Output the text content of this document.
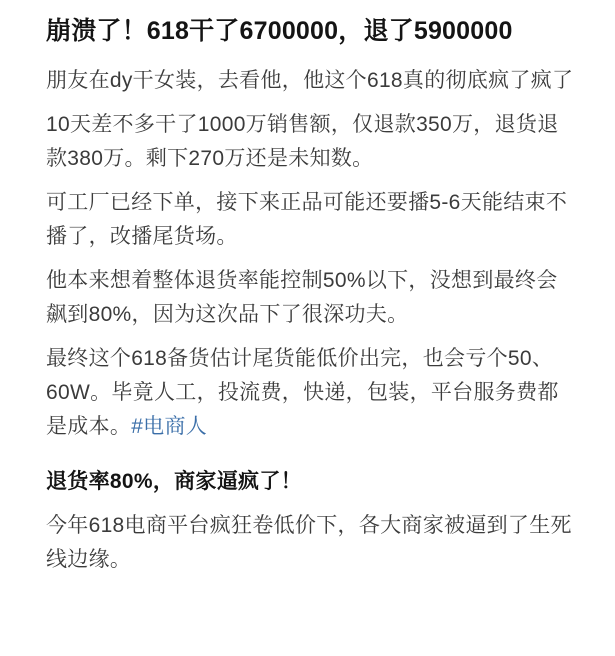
崩溃了！618干了6700000，退了5900000

朋友在dy干女装，去看他，他这个618真的彻底疯了疯了

10天差不多干了1000万销售额，仅退款350万，退货退款380万。剩下270万还是未知数。

可工厂已经下单，接下来正品可能还要播5-6天能结束不播了，改播尾货场。

他本来想着整体退货率能控制50%以下，没想到最终会飙到80%，因为这次品下了很深功夫。

最终这个618备货估计尾货能低价出完，也会亏个50、60W。毕竟人工，投流费，快递，包装，平台服务费都是成本。#电商人

退货率80%，商家逼疯了！

今年618电商平台疯狂卷低价下，各大商家被逼到了生死线边缘。
